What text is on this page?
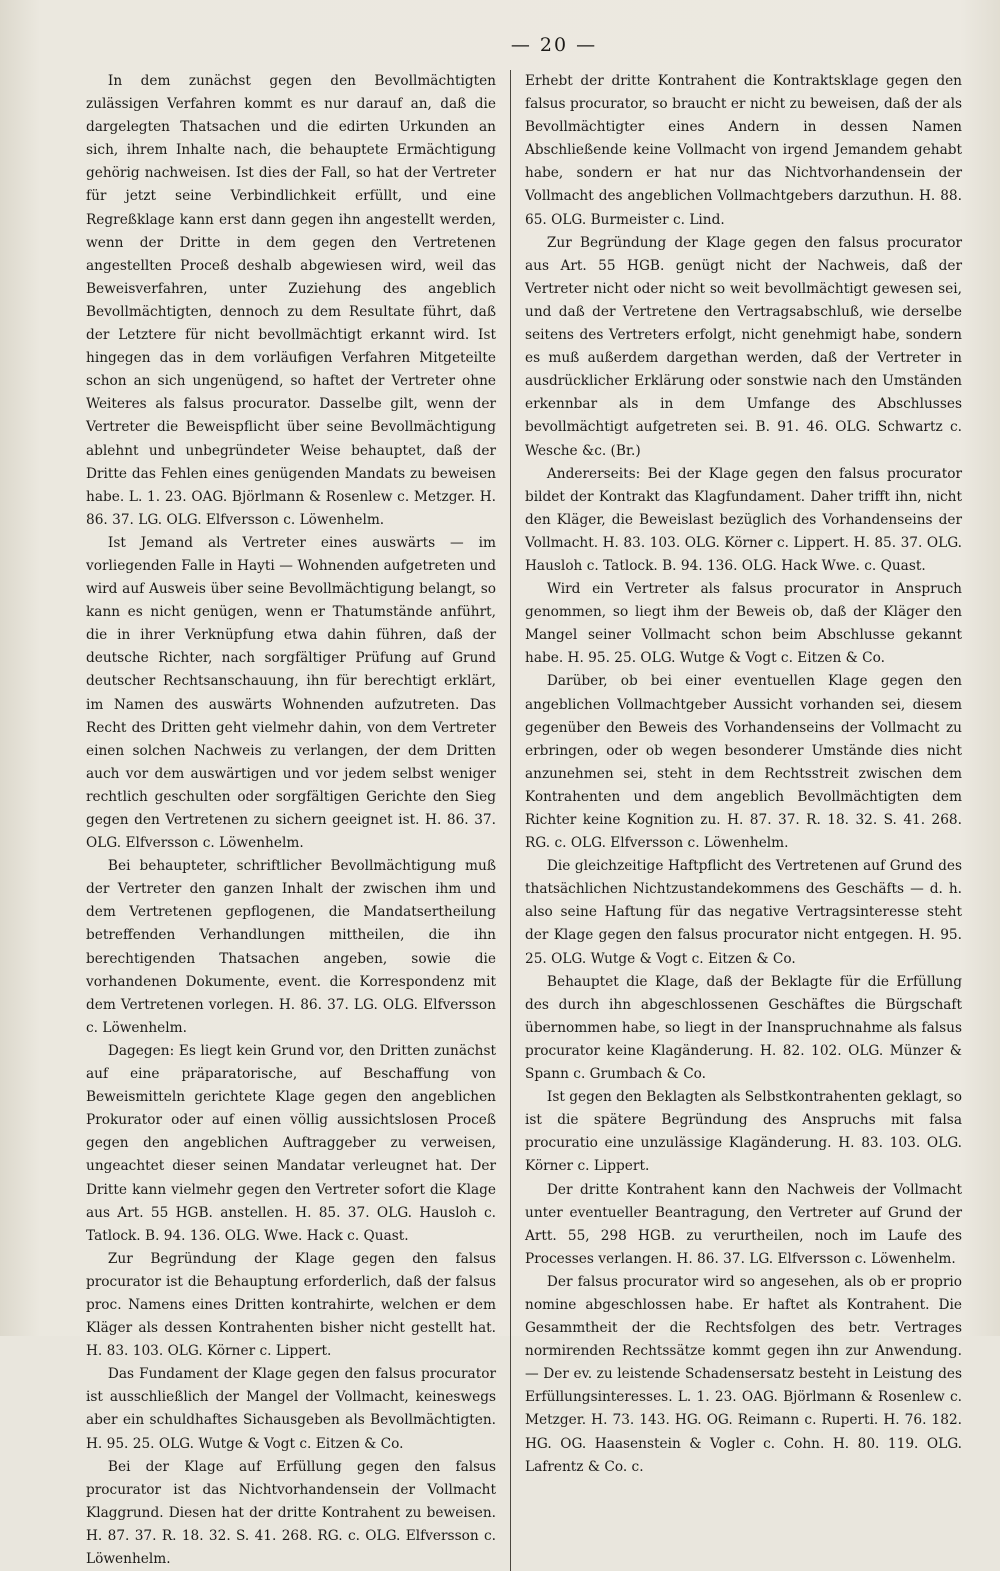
— 20 —

In dem zunächst gegen den Bevollmächtigten zulässigen Verfahren kommt es nur darauf an, daß die dargelegten Thatsachen und die edirten Urkunden an sich, ihrem Inhalte nach, die behauptete Ermächtigung gehörig nachweisen. Ist dies der Fall, so hat der Vertreter für jetzt seine Verbindlichkeit erfüllt, und eine Regreßklage kann erst dann gegen ihn angestellt werden, wenn der Dritte in dem gegen den Vertretenen angestellten Proceß deshalb abgewiesen wird, weil das Beweisverfahren, unter Zuziehung des angeblich Bevollmächtigten, dennoch zu dem Resultate führt, daß der Letztere für nicht bevollmächtigt erkannt wird. Ist hingegen das in dem vorläufigen Verfahren Mitgeteilte schon an sich ungenügend, so haftet der Vertreter ohne Weiteres als falsus procurator. Dasselbe gilt, wenn der Vertreter die Beweispflicht über seine Bevollmächtigung ablehnt und unbegründeter Weise behauptet, daß der Dritte das Fehlen eines genügenden Mandats zu beweisen habe. L. 1. 23. OAG. Björlmann & Rosenlew c. Metzger. H. 86. 37. LG. OLG. Elfversson c. Löwenhelm.

Ist Jemand als Vertreter eines auswärts — im vorliegenden Falle in Hayti — Wohnenden aufgetreten und wird auf Ausweis über seine Bevollmächtigung belangt, so kann es nicht genügen, wenn er Thatumstände anführt, die in ihrer Verknüpfung etwa dahin führen, daß der deutsche Richter, nach sorgfältiger Prüfung auf Grund deutscher Rechtsanschauung, ihn für berechtigt erklärt, im Namen des auswärts Wohnenden aufzutreten. Das Recht des Dritten geht vielmehr dahin, von dem Vertreter einen solchen Nachweis zu verlangen, der dem Dritten auch vor dem auswärtigen und vor jedem selbst weniger rechtlich geschulten oder sorgfältigen Gerichte den Sieg gegen den Vertretenen zu sichern geeignet ist. H. 86. 37. OLG. Elfversson c. Löwenhelm.

Bei behaupteter, schriftlicher Bevollmächtigung muß der Vertreter den ganzen Inhalt der zwischen ihm und dem Vertretenen gepflogenen, die Mandatsertheilung betreffenden Verhandlungen mittheilen, die ihn berechtigenden Thatsachen angeben, sowie die vorhandenen Dokumente, event. die Korrespondenz mit dem Vertretenen vorlegen. H. 86. 37. LG. OLG. Elfversson c. Löwenhelm.

Dagegen: Es liegt kein Grund vor, den Dritten zunächst auf eine präparatorische, auf Beschaffung von Beweismitteln gerichtete Klage gegen den angeblichen Prokurator oder auf einen völlig aussichtslosen Proceß gegen den angeblichen Auftraggeber zu verweisen, ungeachtet dieser seinen Mandatar verleugnet hat. Der Dritte kann vielmehr gegen den Vertreter sofort die Klage aus Art. 55 HGB. anstellen. H. 85. 37. OLG. Hausloh c. Tatlock. B. 94. 136. OLG. Wwe. Hack c. Quast.

Zur Begründung der Klage gegen den falsus procurator ist die Behauptung erforderlich, daß der falsus proc. Namens eines Dritten kontrahirte, welchen er dem Kläger als dessen Kontrahenten bisher nicht gestellt hat. H. 83. 103. OLG. Körner c. Lippert.

Das Fundament der Klage gegen den falsus procurator ist ausschließlich der Mangel der Vollmacht, keineswegs aber ein schuldhaftes Sichausgeben als Bevollmächtigten. H. 95. 25. OLG. Wutge & Vogt c. Eitzen & Co.

Bei der Klage auf Erfüllung gegen den falsus procurator ist das Nichtvorhandensein der Vollmacht Klaggrund. Diesen hat der dritte Kontrahent zu beweisen. H. 87. 37. R. 18. 32. S. 41. 268. RG. c. OLG. Elfversson c. Löwenhelm.

Erhebt der dritte Kontrahent die Kontraktsklage gegen den falsus procurator, so braucht er nicht zu beweisen, daß der als Bevollmächtigter eines Andern in dessen Namen Abschließende keine Vollmacht von irgend Jemandem gehabt habe, sondern er hat nur das Nichtvorhandensein der Vollmacht des angeblichen Vollmachtgebers darzuthun. H. 88. 65. OLG. Burmeister c. Lind.

Zur Begründung der Klage gegen den falsus procurator aus Art. 55 HGB. genügt nicht der Nachweis, daß der Vertreter nicht oder nicht so weit bevollmächtigt gewesen sei, und daß der Vertretene den Vertragsabschluß, wie derselbe seitens des Vertreters erfolgt, nicht genehmigt habe, sondern es muß außerdem dargethan werden, daß der Vertreter in ausdrücklicher Erklärung oder sonstwie nach den Umständen erkennbar als in dem Umfange des Abschlusses bevollmächtigt aufgetreten sei. B. 91. 46. OLG. Schwartz c. Wesche &c. (Br.)

Andererseits: Bei der Klage gegen den falsus procurator bildet der Kontrakt das Klagfundament. Daher trifft ihn, nicht den Kläger, die Beweislast bezüglich des Vorhandenseins der Vollmacht. H. 83. 103. OLG. Körner c. Lippert. H. 85. 37. OLG. Hausloh c. Tatlock. B. 94. 136. OLG. Hack Wwe. c. Quast.

Wird ein Vertreter als falsus procurator in Anspruch genommen, so liegt ihm der Beweis ob, daß der Kläger den Mangel seiner Vollmacht schon beim Abschlusse gekannt habe. H. 95. 25. OLG. Wutge & Vogt c. Eitzen & Co.

Darüber, ob bei einer eventuellen Klage gegen den angeblichen Vollmachtgeber Aussicht vorhanden sei, diesem gegenüber den Beweis des Vorhandenseins der Vollmacht zu erbringen, oder ob wegen besonderer Umstände dies nicht anzunehmen sei, steht in dem Rechtsstreit zwischen dem Kontrahenten und dem angeblich Bevollmächtigten dem Richter keine Kognition zu. H. 87. 37. R. 18. 32. S. 41. 268. RG. c. OLG. Elfversson c. Löwenhelm.

Die gleichzeitige Haftpflicht des Vertretenen auf Grund des thatsächlichen Nichtzustandekommens des Geschäfts — d. h. also seine Haftung für das negative Vertragsinteresse steht der Klage gegen den falsus procurator nicht entgegen. H. 95. 25. OLG. Wutge & Vogt c. Eitzen & Co.

Behauptet die Klage, daß der Beklagte für die Erfüllung des durch ihn abgeschlossenen Geschäftes die Bürgschaft übernommen habe, so liegt in der Inanspruchnahme als falsus procurator keine Klagänderung. H. 82. 102. OLG. Münzer & Spann c. Grumbach & Co.

Ist gegen den Beklagten als Selbstkontrahenten geklagt, so ist die spätere Begründung des Anspruchs mit falsa procuratio eine unzulässige Klagänderung. H. 83. 103. OLG. Körner c. Lippert.

Der dritte Kontrahent kann den Nachweis der Vollmacht unter eventueller Beantragung, den Vertreter auf Grund der Artt. 55, 298 HGB. zu verurtheilen, noch im Laufe des Processes verlangen. H. 86. 37. LG. Elfversson c. Löwenhelm.

Der falsus procurator wird so angesehen, als ob er proprio nomine abgeschlossen habe. Er haftet als Kontrahent. Die Gesammtheit der die Rechtsfolgen des betr. Vertrages normirenden Rechtssätze kommt gegen ihn zur Anwendung. — Der ev. zu leistende Schadensersatz besteht in Leistung des Erfüllungsinteresses. L. 1. 23. OAG. Björlmann & Rosenlew c. Metzger. H. 73. 143. HG. OG. Reimann c. Ruperti. H. 76. 182. HG. OG. Haasenstein & Vogler c. Cohn. H. 80. 119. OLG. Lafrentz & Co. c.
